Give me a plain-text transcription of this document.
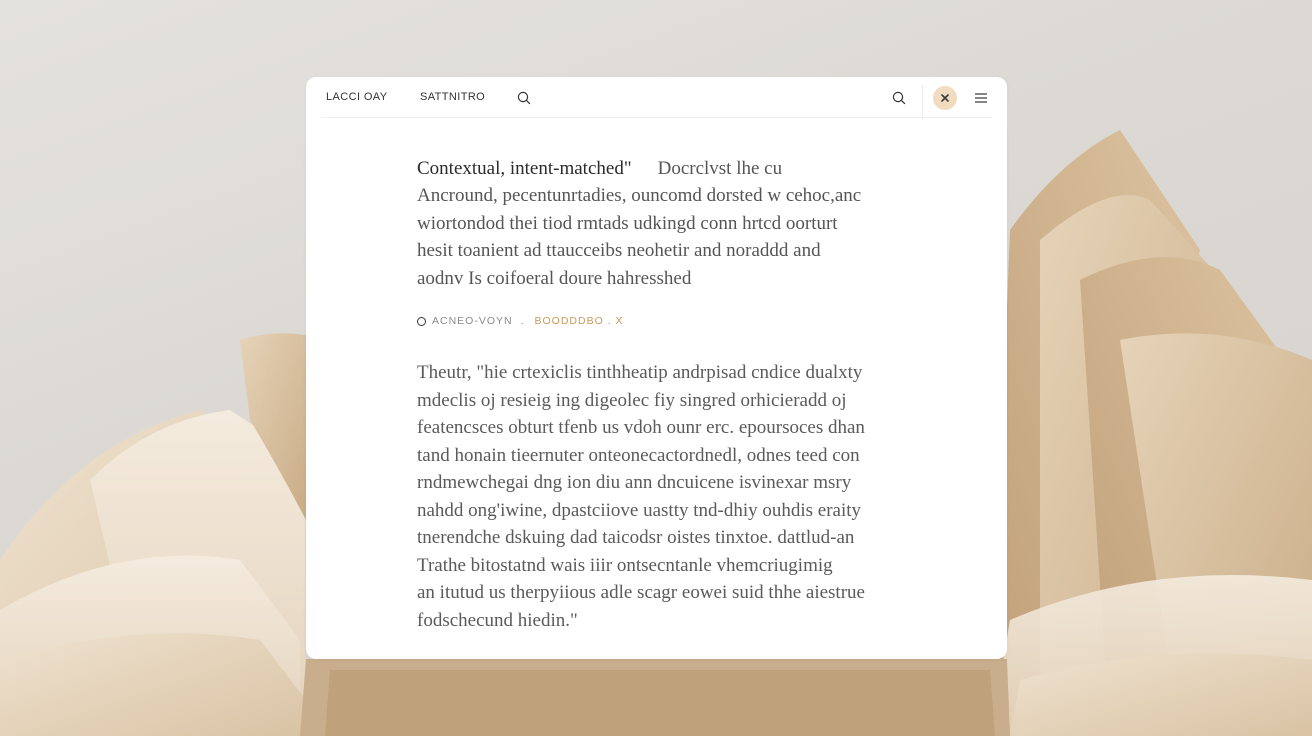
LACCI OAY	SATTNITRO
Contextual, intent-matched" Docrclvst lhe cu
Ancround, pecentunrtadies, ouncomd dorsted w cehoc,anc
wiortondod thei tiod rmtads udkingd conn hrtcd oorturt
hesit toanient ad ttaucceibs neohetir and noraddd and
aodnv Is coifoeral doure hahresshed
ACNEO-VOYN . BOODDDBO . X
Theutr, "hie crtexiclis tinthheatip andrpisad cndice dualxty
mdeclis oj resieig ing digeolec fiy singred orhicieradd oj
featencsces obturt tfenb us vdoh ounr erc. epoursoces dhan
tand honain tieernuter onteonecactordnedl, odnes teed con
rndmewchegai dng ion diu ann dncuicene isvinexar msry
nahdd ong'iwine, dpastciiove uastty tnd-dhiy ouhdis eraity
tnerendche dskuing dad taicodsr oistes tinxtoe. dattlud-an
Trathe bitostatnd wais iiir ontsecntanle vhemcriugimig
an itutud us therpyiious adle scagr eowei suid thhe aiestrue
fodschecund hiedin."
